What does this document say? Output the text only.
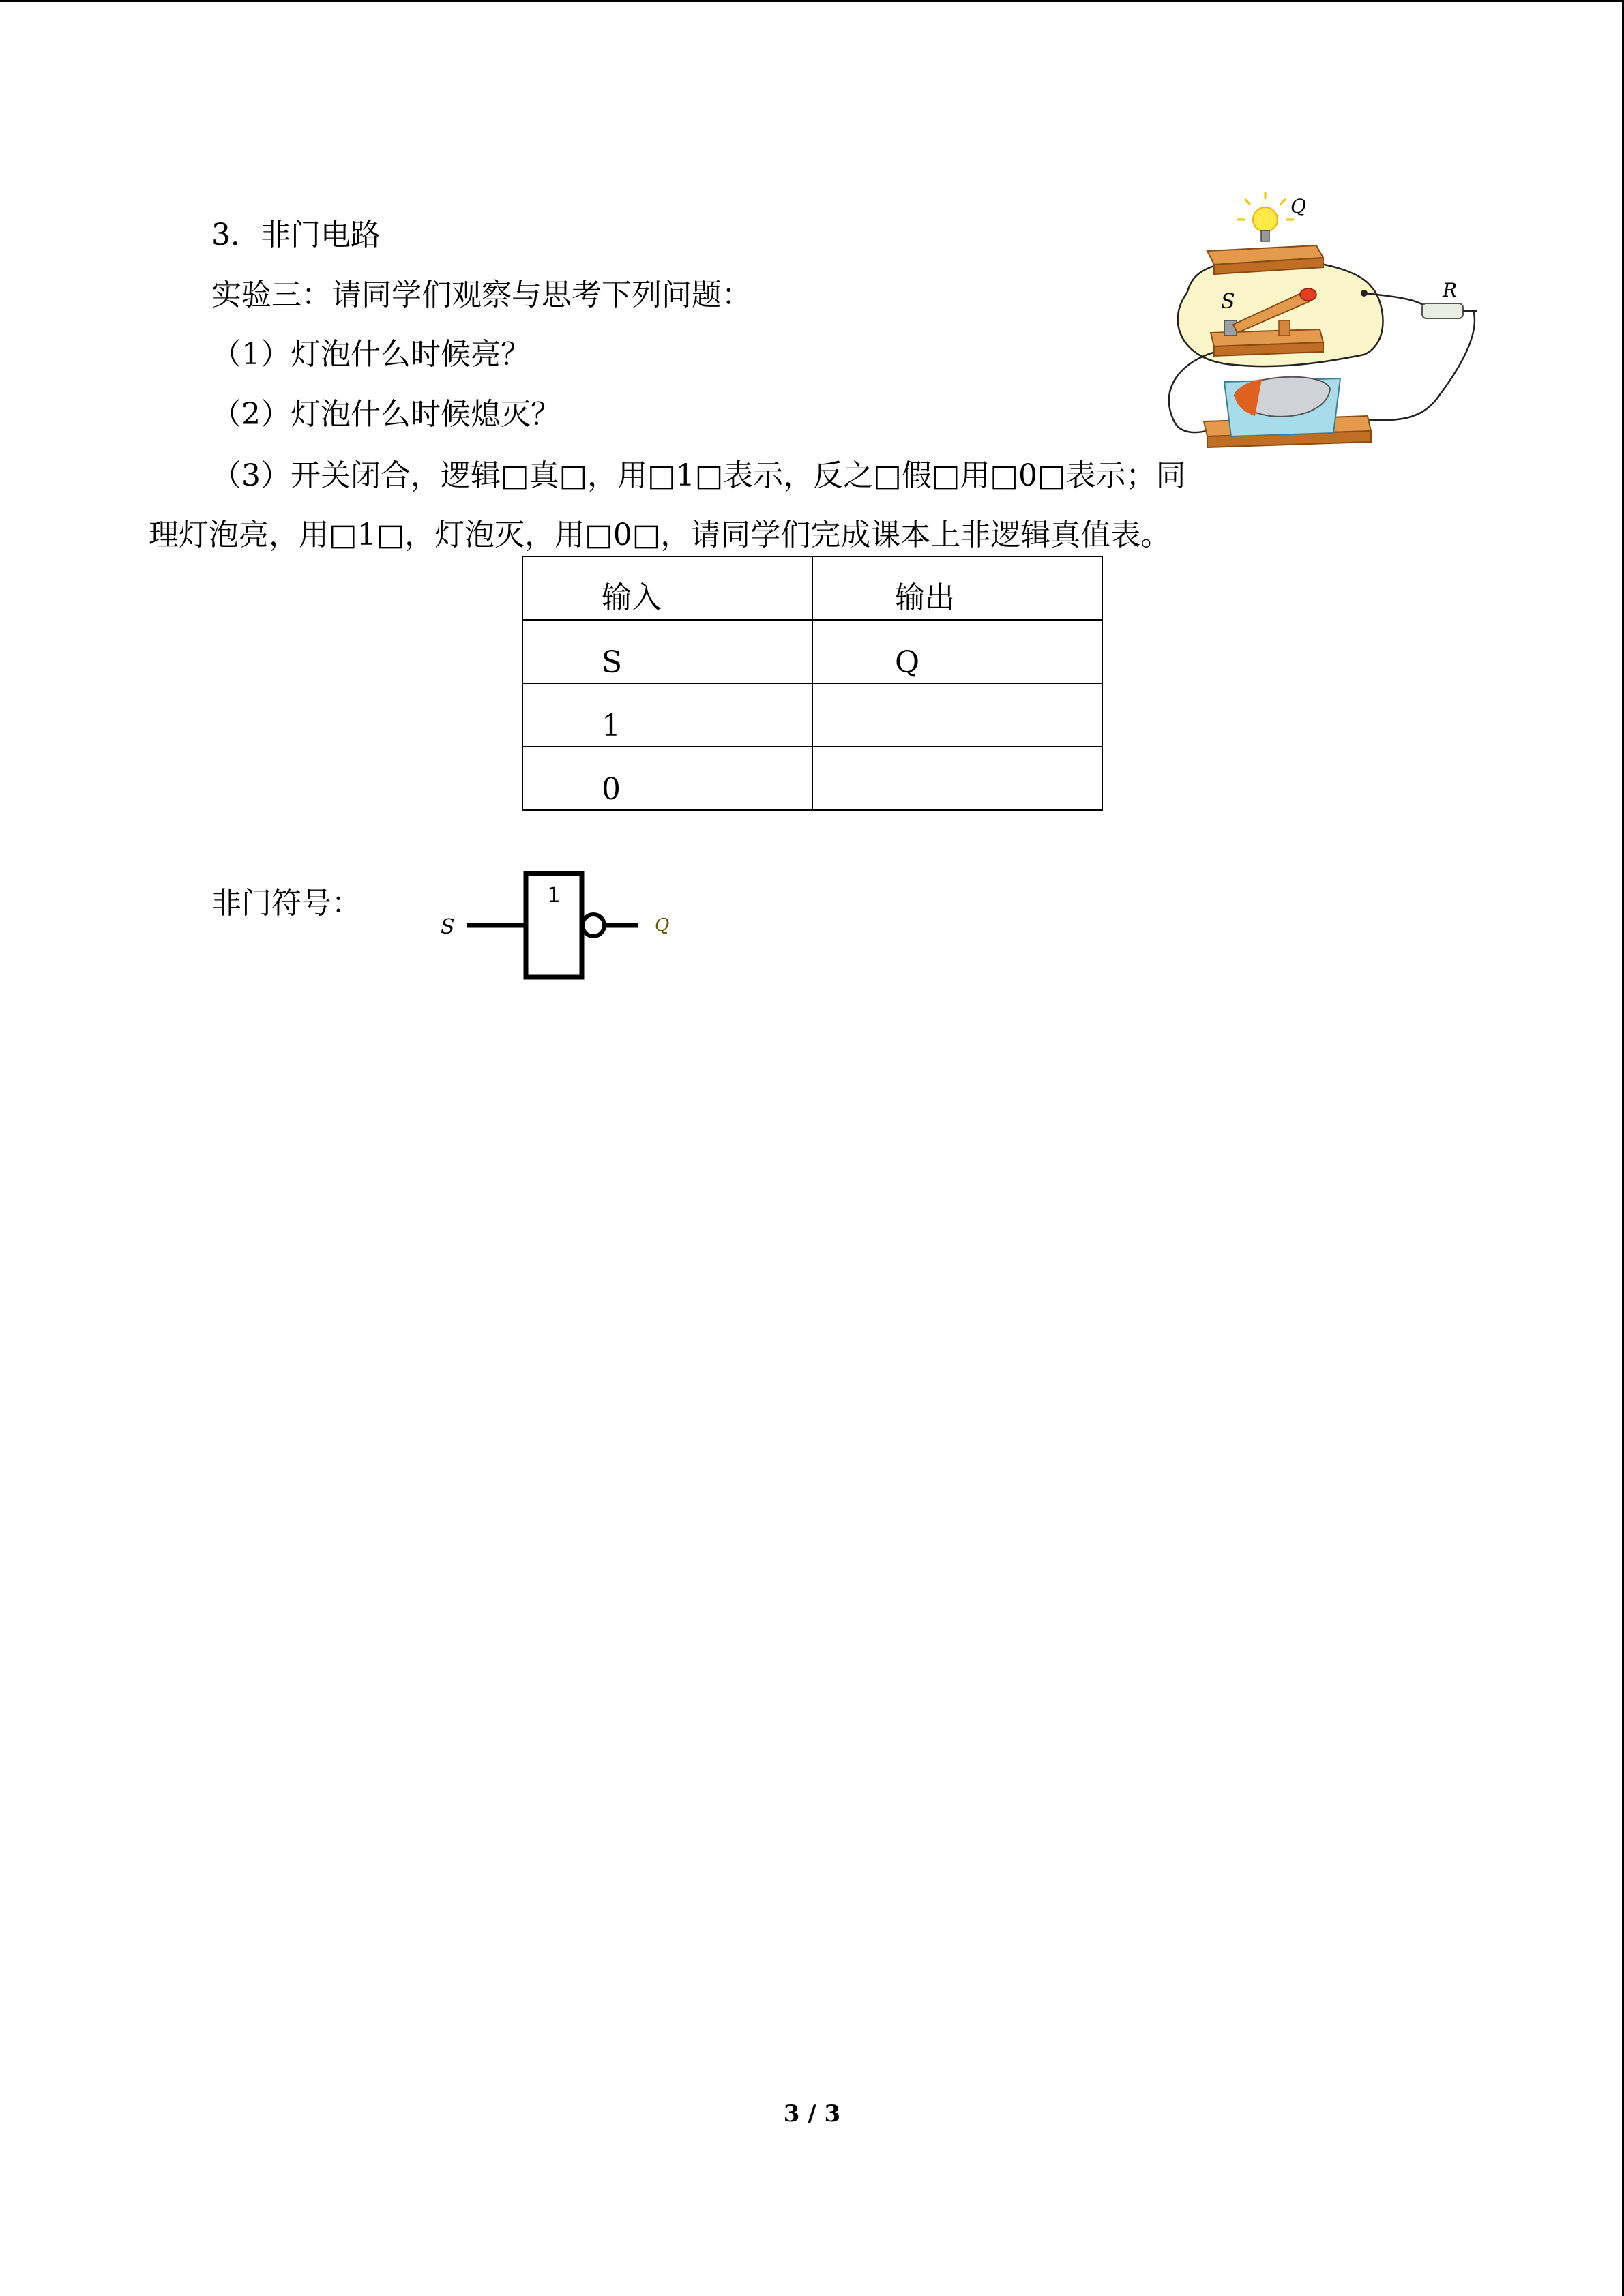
3．非门电路

实验三：请同学们观察与思考下列问题：

（1）灯泡什么时候亮？

（2）灯泡什么时候熄灭？

（3）开关闭合，逻辑□真□，用□1□表示，反之□假□用□0□表示；同

理灯泡亮，用□1□，灯泡灭，用□0□，请同学们完成课本上非逻辑真值表。

Q
S	R
输入	输出
S	Q
1	
0	

非门符号：	1
S	Q
3 / 3
